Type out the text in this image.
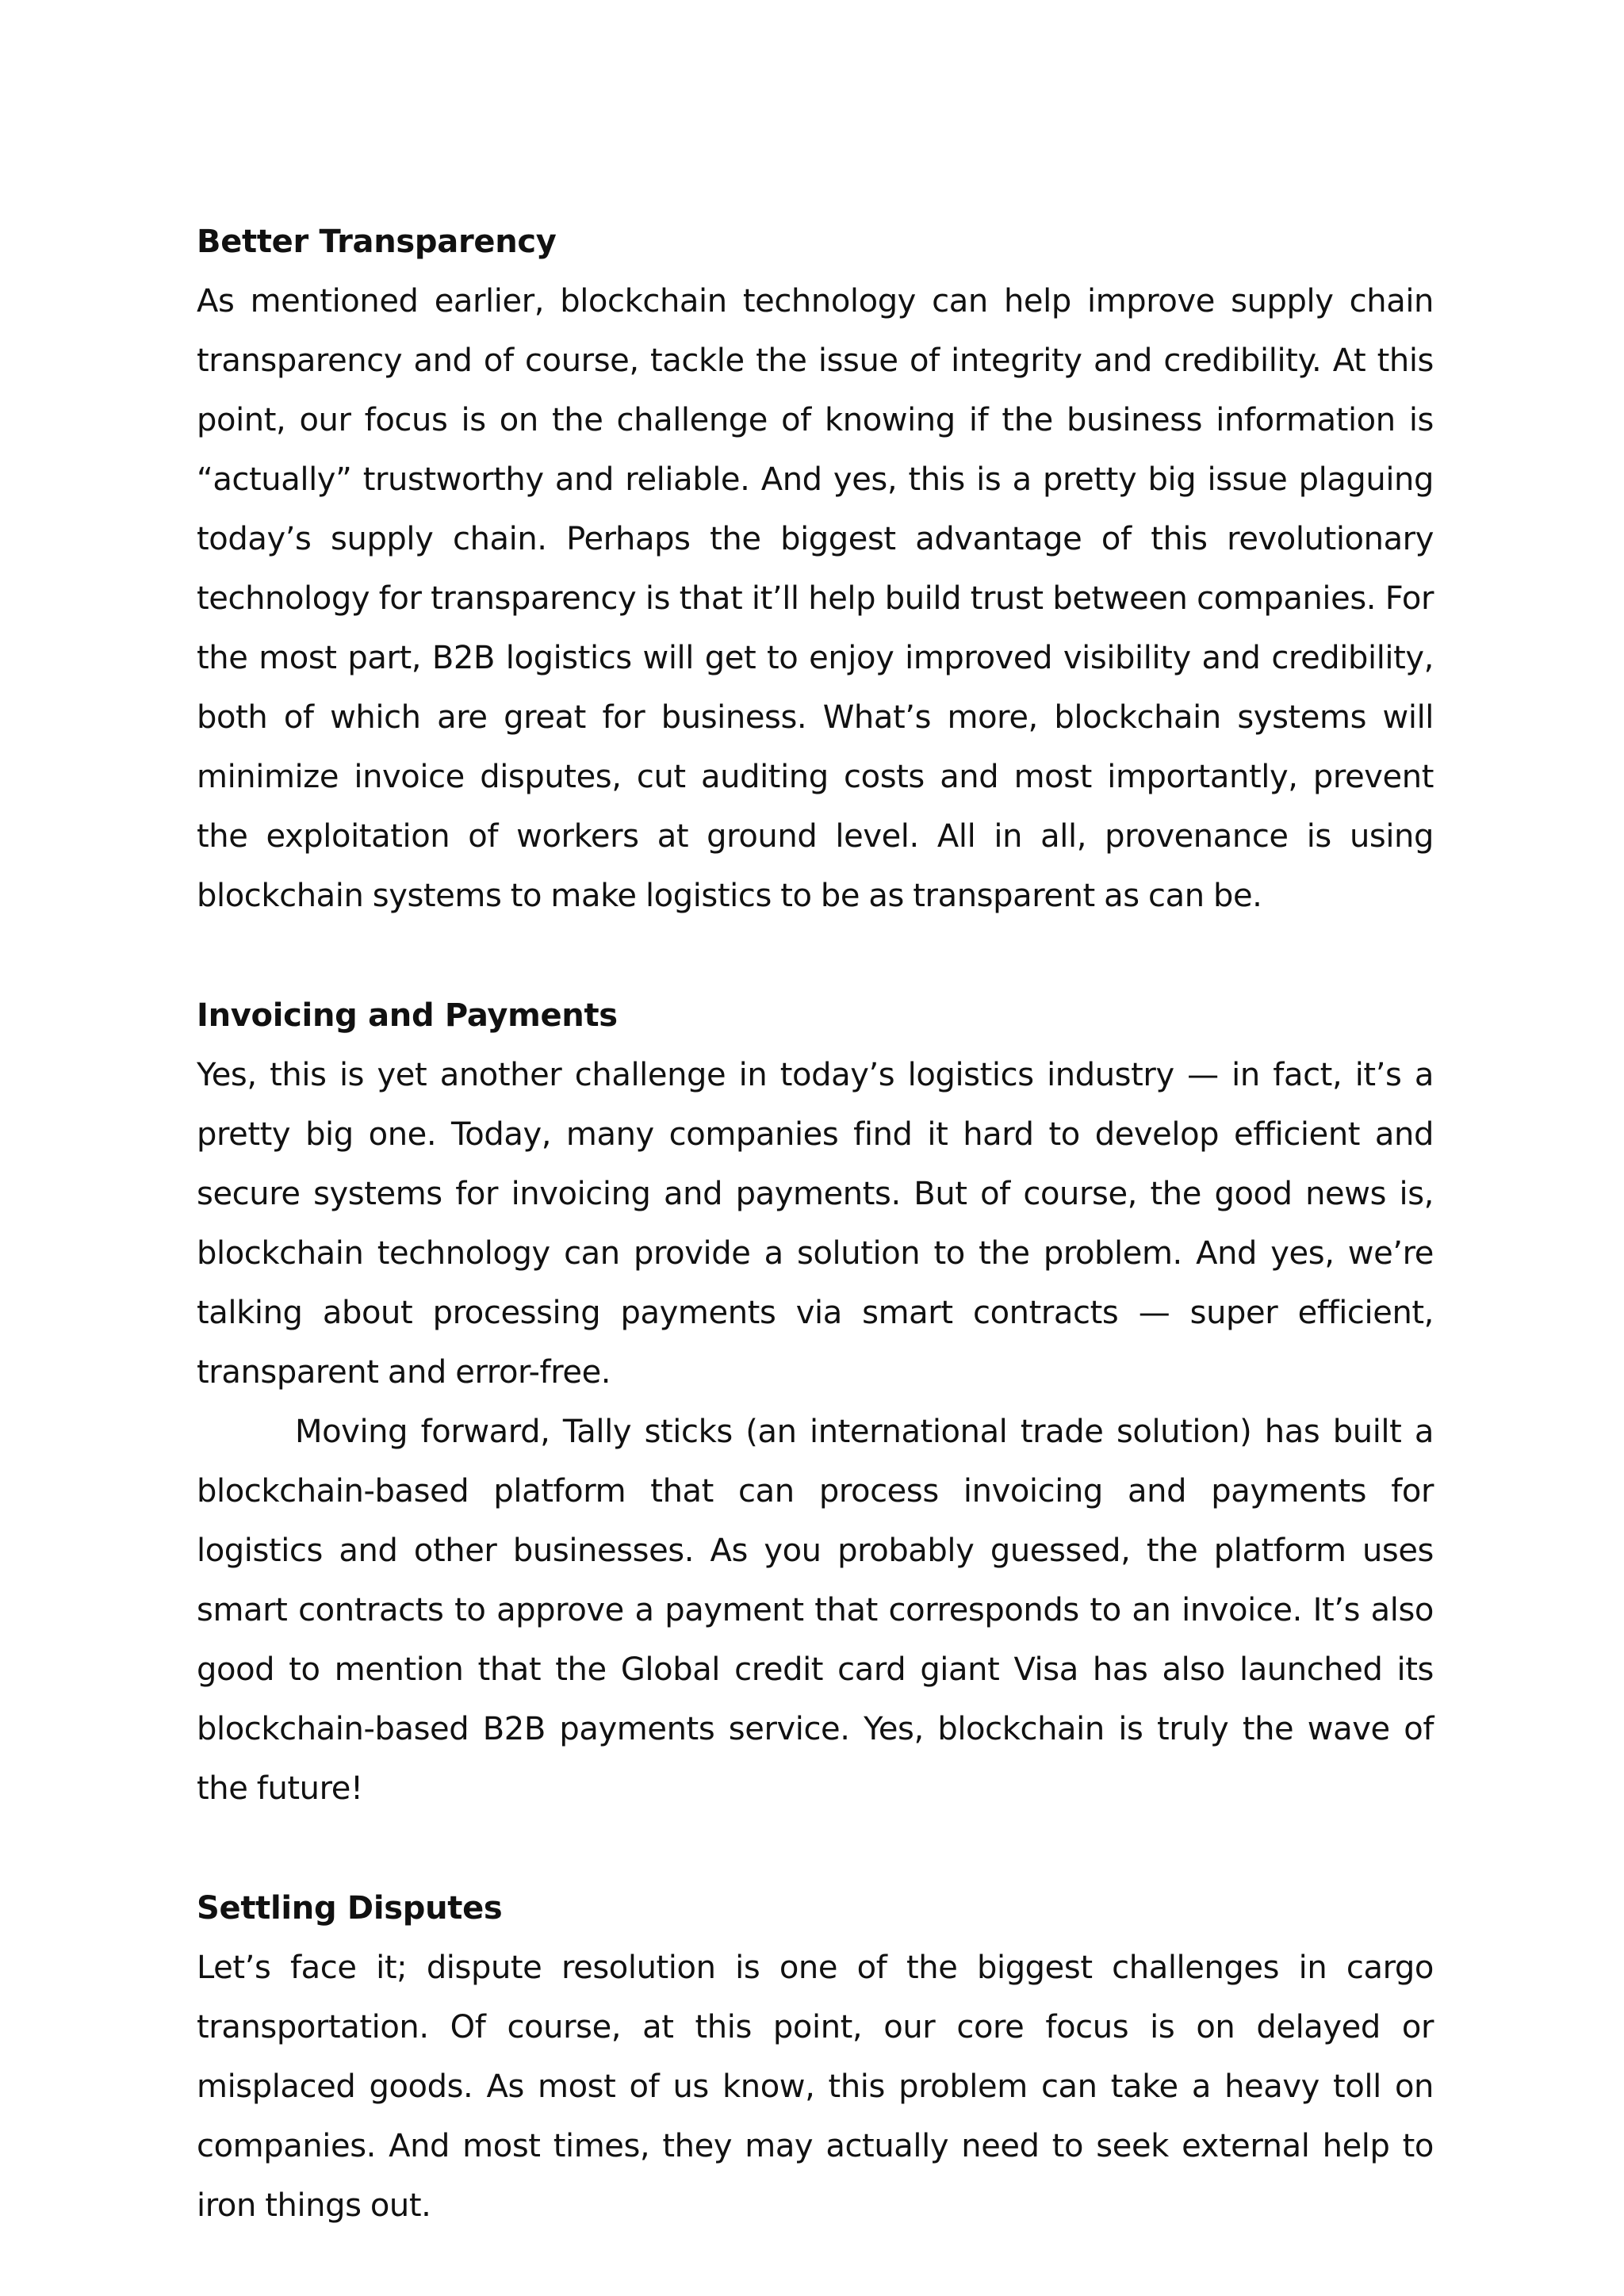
Better Transparency

As mentioned earlier, blockchain technology can help improve supply chain transparency and of course, tackle the issue of integrity and credibility. At this point, our focus is on the challenge of knowing if the business information is “actually” trustworthy and reliable. And yes, this is a pretty big issue plaguing today’s supply chain. Perhaps the biggest advantage of this revolutionary technology for transparency is that it’ll help build trust between companies. For the most part, B2B logistics will get to enjoy improved visibility and credibility, both of which are great for business. What’s more, blockchain systems will minimize invoice disputes, cut auditing costs and most importantly, prevent the exploitation of workers at ground level. All in all, provenance is using blockchain systems to make logistics to be as transparent as can be.

Invoicing and Payments

Yes, this is yet another challenge in today’s logistics industry — in fact, it’s a pretty big one. Today, many companies find it hard to develop efficient and secure systems for invoicing and payments. But of course, the good news is, blockchain technology can provide a solution to the problem. And yes, we’re talking about processing payments via smart contracts — super efficient, transparent and error-free.

Moving forward, Tally sticks (an international trade solution) has built a blockchain-based platform that can process invoicing and payments for logistics and other businesses. As you probably guessed, the platform uses smart contracts to approve a payment that corresponds to an invoice. It’s also good to mention that the Global credit card giant Visa has also launched its blockchain-based B2B payments service. Yes, blockchain is truly the wave of the future!

Settling Disputes

Let’s face it; dispute resolution is one of the biggest challenges in cargo transportation. Of course, at this point, our core focus is on delayed or misplaced goods. As most of us know, this problem can take a heavy toll on companies. And most times, they may actually need to seek external help to iron things out.
